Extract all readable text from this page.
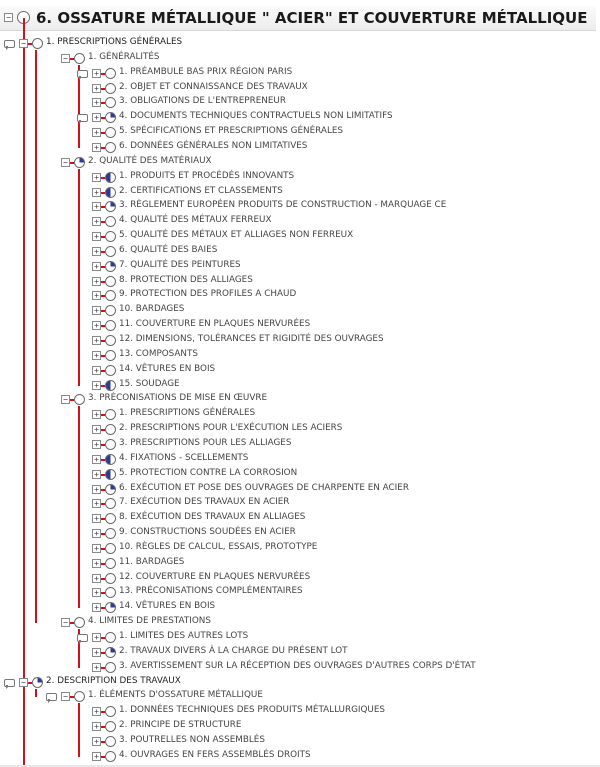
− 6. OSSATURE MÉTALLIQUE " ACIER" ET COUVERTURE MÉTALLIQUE
− 1. PRESCRIPTIONS GÉNÉRALES
− 1. GÉNÉRALITÉS
+ 1. PRÉAMBULE BAS PRIX RÉGION PARIS
+ 2. OBJET ET CONNAISSANCE DES TRAVAUX
+ 3. OBLIGATIONS DE L'ENTREPRENEUR
+ 4. DOCUMENTS TECHNIQUES CONTRACTUELS NON LIMITATIFS
+ 5. SPÉCIFICATIONS ET PRESCRIPTIONS GÉNÉRALES
+ 6. DONNÉES GÉNÉRALES NON LIMITATIVES
− 2. QUALITÉ DES MATÉRIAUX
+ 1. PRODUITS ET PROCÉDÉS INNOVANTS
+ 2. CERTIFICATIONS ET CLASSEMENTS
+ 3. RÈGLEMENT EUROPÉEN PRODUITS DE CONSTRUCTION - MARQUAGE CE
+ 4. QUALITÉ DES MÉTAUX FERREUX
+ 5. QUALITÉ DES MÉTAUX ET ALLIAGES NON FERREUX
+ 6. QUALITÉ DES BAIES
+ 7. QUALITÉ DES PEINTURES
+ 8. PROTECTION DES ALLIAGES
+ 9. PROTECTION DES PROFILES A CHAUD
+ 10. BARDAGES
+ 11. COUVERTURE EN PLAQUES NERVURÉES
+ 12. DIMENSIONS, TOLÉRANCES ET RIGIDITÉ DES OUVRAGES
+ 13. COMPOSANTS
+ 14. VÊTURES EN BOIS
+ 15. SOUDAGE
− 3. PRÉCONISATIONS DE MISE EN ŒUVRE
+ 1. PRESCRIPTIONS GÉNÉRALES
+ 2. PRESCRIPTIONS POUR L'EXÉCUTION LES ACIERS
+ 3. PRESCRIPTIONS POUR LES ALLIAGES
+ 4. FIXATIONS - SCELLEMENTS
+ 5. PROTECTION CONTRE LA CORROSION
+ 6. EXÉCUTION ET POSE DES OUVRAGES DE CHARPENTE EN ACIER
+ 7. EXÉCUTION DES TRAVAUX EN ACIER
+ 8. EXÉCUTION DES TRAVAUX EN ALLIAGES
+ 9. CONSTRUCTIONS SOUDÉES EN ACIER
+ 10. RÈGLES DE CALCUL, ESSAIS, PROTOTYPE
+ 11. BARDAGES
+ 12. COUVERTURE EN PLAQUES NERVURÉES
+ 13. PRÉCONISATIONS COMPLÉMENTAIRES
+ 14. VÊTURES EN BOIS
− 4. LIMITES DE PRESTATIONS
+ 1. LIMITES DES AUTRES LOTS
+ 2. TRAVAUX DIVERS À LA CHARGE DU PRÉSENT LOT
+ 3. AVERTISSEMENT SUR LA RÉCEPTION DES OUVRAGES D'AUTRES CORPS D'ÉTAT
− 2. DESCRIPTION DES TRAVAUX
− 1. ÉLÉMENTS D'OSSATURE MÉTALLIQUE
+ 1. DONNÉES TECHNIQUES DES PRODUITS MÉTALLURGIQUES
+ 2. PRINCIPE DE STRUCTURE
+ 3. POUTRELLES NON ASSEMBLÉS
+ 4. OUVRAGES EN FERS ASSEMBLÉS DROITS
